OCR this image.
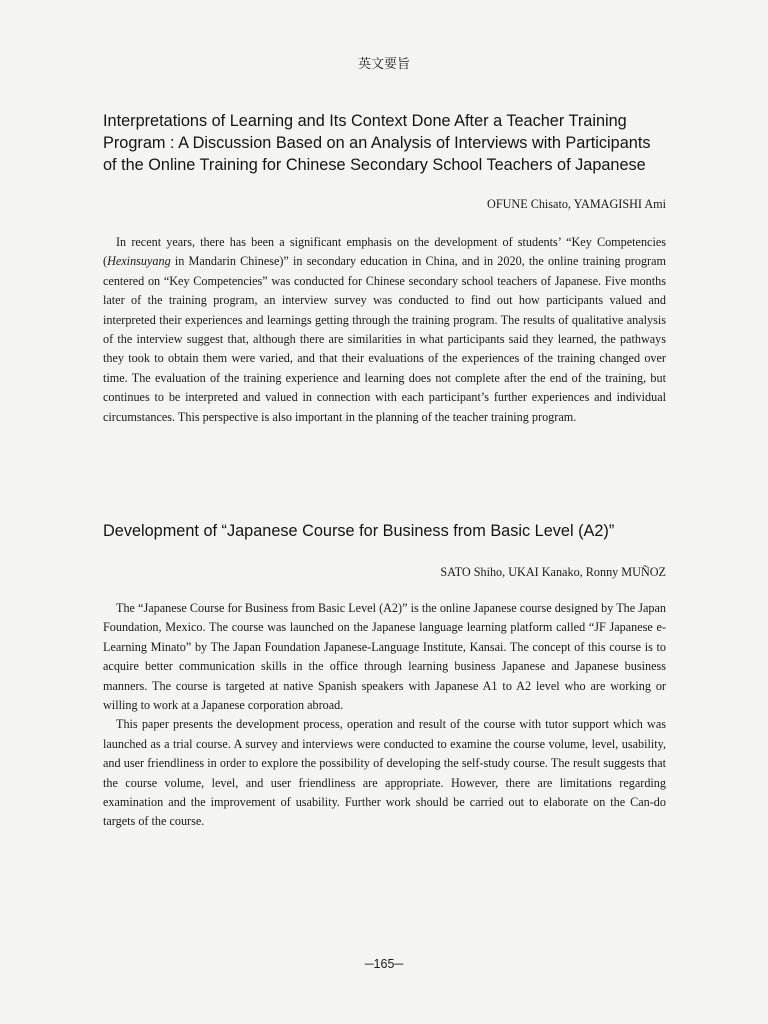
英文要旨
Interpretations of Learning and Its Context Done After a Teacher Training Program : A Discussion Based on an Analysis of Interviews with Participants of the Online Training for Chinese Secondary School Teachers of Japanese

OFUNE Chisato, YAMAGISHI Ami

In recent years, there has been a significant emphasis on the development of students’ “Key Competencies (Hexinsuyang in Mandarin Chinese)” in secondary education in China, and in 2020, the online training program centered on “Key Competencies” was conducted for Chinese secondary school teachers of Japanese. Five months later of the training program, an interview survey was conducted to find out how participants valued and interpreted their experiences and learnings getting through the training program. The results of qualitative analysis of the interview suggest that, although there are similarities in what participants said they learned, the pathways they took to obtain them were varied, and that their evaluations of the experiences of the training changed over time. The evaluation of the training experience and learning does not complete after the end of the training, but continues to be interpreted and valued in connection with each participant’s further experiences and individual circumstances. This perspective is also important in the planning of the teacher training program.

Development of “Japanese Course for Business from Basic Level (A2)”

SATO Shiho, UKAI Kanako, Ronny MUÑOZ

The “Japanese Course for Business from Basic Level (A2)” is the online Japanese course designed by The Japan Foundation, Mexico. The course was launched on the Japanese language learning platform called “JF Japanese e-Learning Minato” by The Japan Foundation Japanese-Language Institute, Kansai. The concept of this course is to acquire better communication skills in the office through learning business Japanese and Japanese business manners. The course is targeted at native Spanish speakers with Japanese A1 to A2 level who are working or willing to work at a Japanese corporation abroad.

This paper presents the development process, operation and result of the course with tutor support which was launched as a trial course. A survey and interviews were conducted to examine the course volume, level, usability, and user friendliness in order to explore the possibility of developing the self-study course. The result suggests that the course volume, level, and user friendliness are appropriate. However, there are limitations regarding examination and the improvement of usability. Further work should be carried out to elaborate on the Can-do targets of the course.

─165─
